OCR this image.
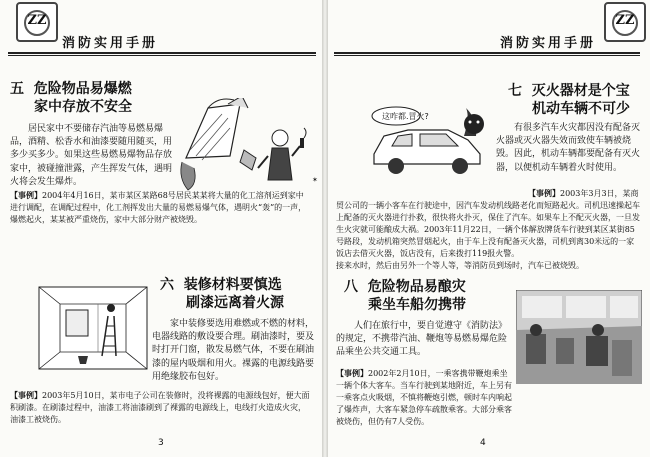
ZZ
消防实用手册
五 危险物品易爆燃
家中存放不安全
✶

居民家中不要储存汽油等易燃易爆品，酒精、松香水和油漆要随用随买，用多少买多少。如果这些易燃易爆物品存放家中，被碰撞泄露，产生挥发气体，遇明火将会发生爆炸。

【事例】2004年4月16日，某市某区某路68号居民某某将大量的化工溶剂运到家中进行调配，在调配过程中，化工剂挥发出大量的易燃易爆气体，遇明火“轰”的一声，爆燃起火，某某被严重烧伤，家中大部分财产被烧毁。

六 装修材料要慎选
刷漆远离着火源

家中装修要选用难燃或不燃的材料，电器线路的敷设要合理。刷油漆时，要及时打开门窗，散发易燃气体，不要在刷油漆的屋内吸烟和用火。裸露的电源线路要用绝缘胶布包好。

【事例】2003年5月10日，某市电子公司在装修时，没将裸露的电源线包好，便大面积刷漆。在刷漆过程中，油漆工将油漆刷到了裸露的电源线上，电线打火造成火灾，油漆工被烧伤。

3
消防实用手册
ZZ
七 灭火器材是个宝
机动车辆不可少
这咋都.冒火?

有很多汽车火灾都因没有配备灭火器或灭火器失效而致使车辆被烧毁。因此，机动车辆都要配备有灭火器，以便机动车辆着火时使用。

【事例】2003年3月3日，某商

贸公司的一辆小客车在行驶途中，因汽车发动机线路老化而短路起火。司机迅速操起车上配备的灭火器进行扑救，很快将火扑灭，保住了汽车。如果车上不配灭火器，一旦发生火灾就可能酿成大祸。2003年11月22日，一辆个体解放牌货车行驶到某区某街85号路段，发动机箱突然冒烟起火，由于车上没有配备灭火器，司机到离30米远的一家饭店去借灭火器，饭店没有，后来拨打119报火警。

接来水时，然后由另外一个等人等，等消防员到场时，汽车已被烧毁。

八 危险物品易酿灾
乘坐车船勿携带

人们在旅行中，要自觉遵守《消防法》的规定，不携带汽油、鞭炮等易燃易爆危险品乘坐公共交通工具。

【事例】2002年2月10日，一乘客携带鞭炮乘坐一辆个体大客车。当车行驶到某地附近，车上另有一乘客点火吸烟，不慎将鞭炮引燃，顿时车内响起了爆炸声，大客车紧急停车疏散乘客。大部分乘客被烧伤，但仍有7人受伤。

4
